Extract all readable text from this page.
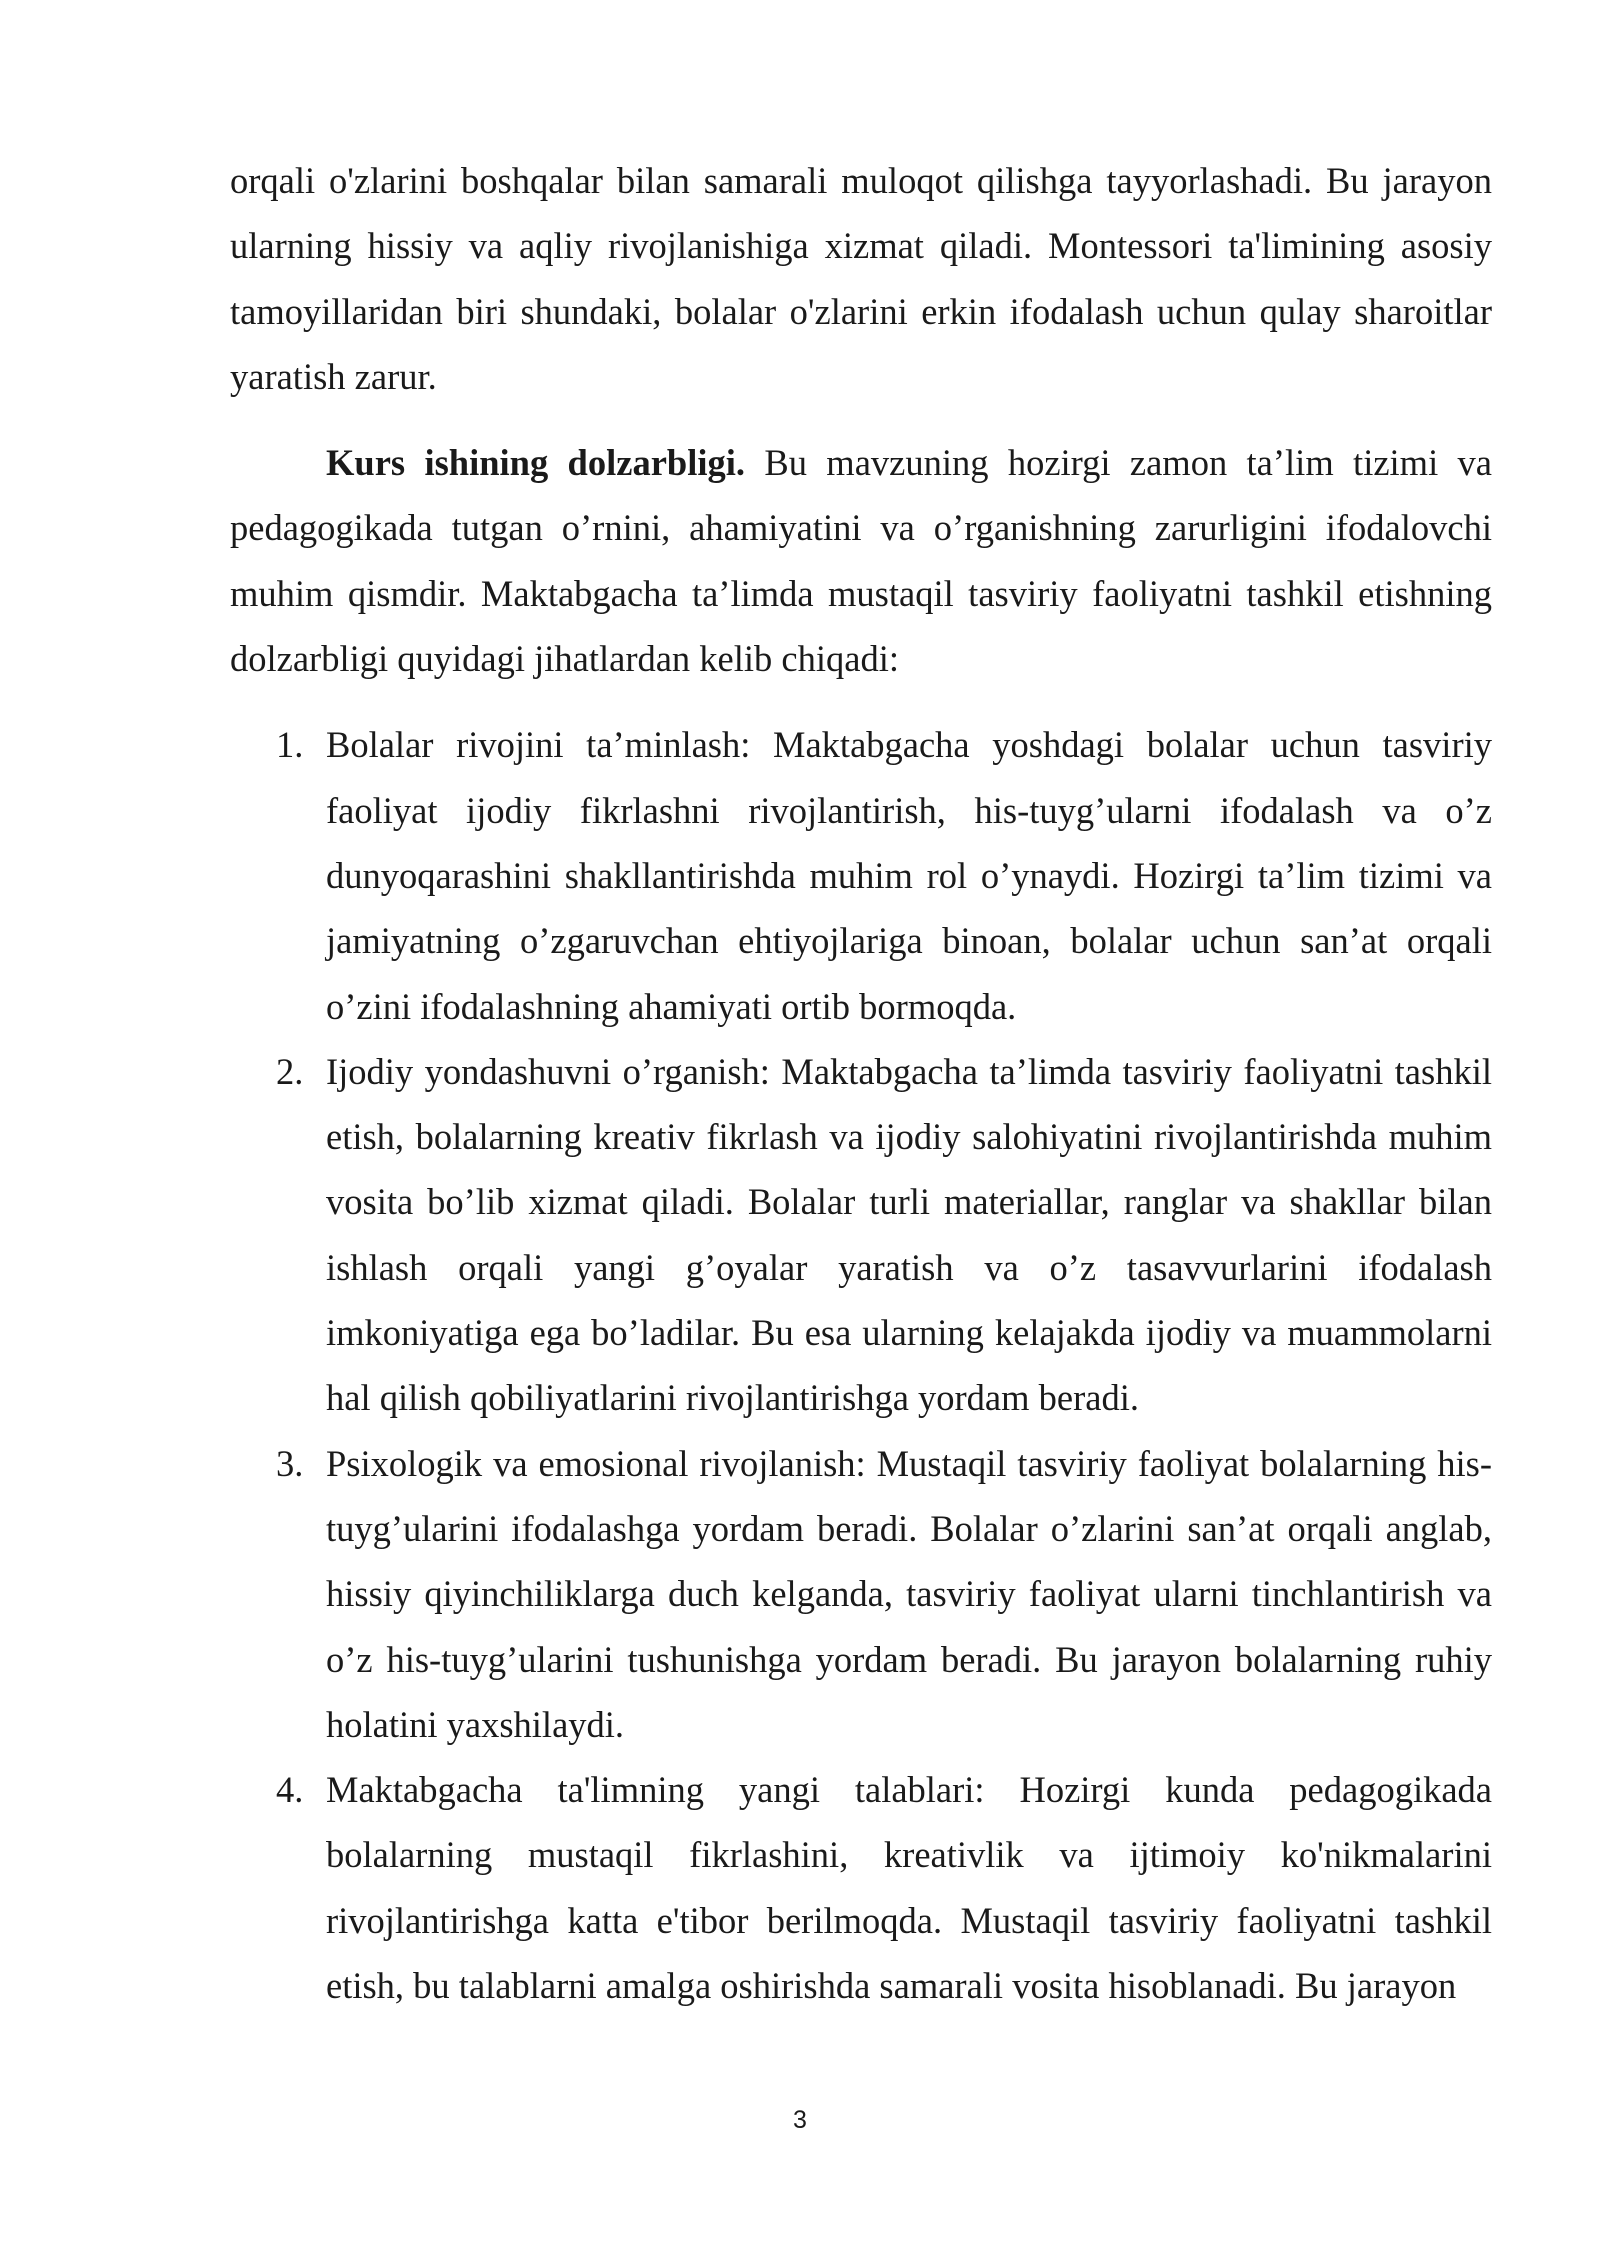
orqali o'zlarini boshqalar bilan samarali muloqot qilishga tayyorlashadi. Bu jarayon ularning hissiy va aqliy rivojlanishiga xizmat qiladi. Montessori ta'limining asosiy tamoyillaridan biri shundaki, bolalar o'zlarini erkin ifodalash uchun qulay sharoitlar yaratish zarur.

Kurs ishining dolzarbligi. Bu mavzuning hozirgi zamon ta’lim tizimi va pedagogikada tutgan o’rnini, ahamiyatini va o’rganishning zarurligini ifodalovchi muhim qismdir. Maktabgacha ta’limda mustaqil tasviriy faoliyatni tashkil etishning dolzarbligi quyidagi jihatlardan kelib chiqadi:

1. Bolalar rivojini ta’minlash: Maktabgacha yoshdagi bolalar uchun tasviriy faoliyat ijodiy fikrlashni rivojlantirish, his-tuyg’ularni ifodalash va o’z dunyoqarashini shakllantirishda muhim rol o’ynaydi. Hozirgi ta’lim tizimi va jamiyatning o’zgaruvchan ehtiyojlariga binoan, bolalar uchun san’at orqali o’zini ifodalashning ahamiyati ortib bormoqda.
2. Ijodiy yondashuvni o’rganish: Maktabgacha ta’limda tasviriy faoliyatni tashkil etish, bolalarning kreativ fikrlash va ijodiy salohiyatini rivojlantirishda muhim vosita bo’lib xizmat qiladi. Bolalar turli materiallar, ranglar va shakllar bilan ishlash orqali yangi g’oyalar yaratish va o’z tasavvurlarini ifodalash imkoniyatiga ega bo’ladilar. Bu esa ularning kelajakda ijodiy va muammolarni hal qilish qobiliyatlarini rivojlantirishga yordam beradi.
3. Psixologik va emosional rivojlanish: Mustaqil tasviriy faoliyat bolalarning his-tuyg’ularini ifodalashga yordam beradi. Bolalar o’zlarini san’at orqali anglab, hissiy qiyinchiliklarga duch kelganda, tasviriy faoliyat ularni tinchlantirish va o’z his-tuyg’ularini tushunishga yordam beradi. Bu jarayon bolalarning ruhiy holatini yaxshilaydi.
4. Maktabgacha ta'limning yangi talablari: Hozirgi kunda pedagogikada bolalarning mustaqil fikrlashini, kreativlik va ijtimoiy ko'nikmalarini rivojlantirishga katta e'tibor berilmoqda. Mustaqil tasviriy faoliyatni tashkil etish, bu talablarni amalga oshirishda samarali vosita hisoblanadi. Bu jarayon
3
